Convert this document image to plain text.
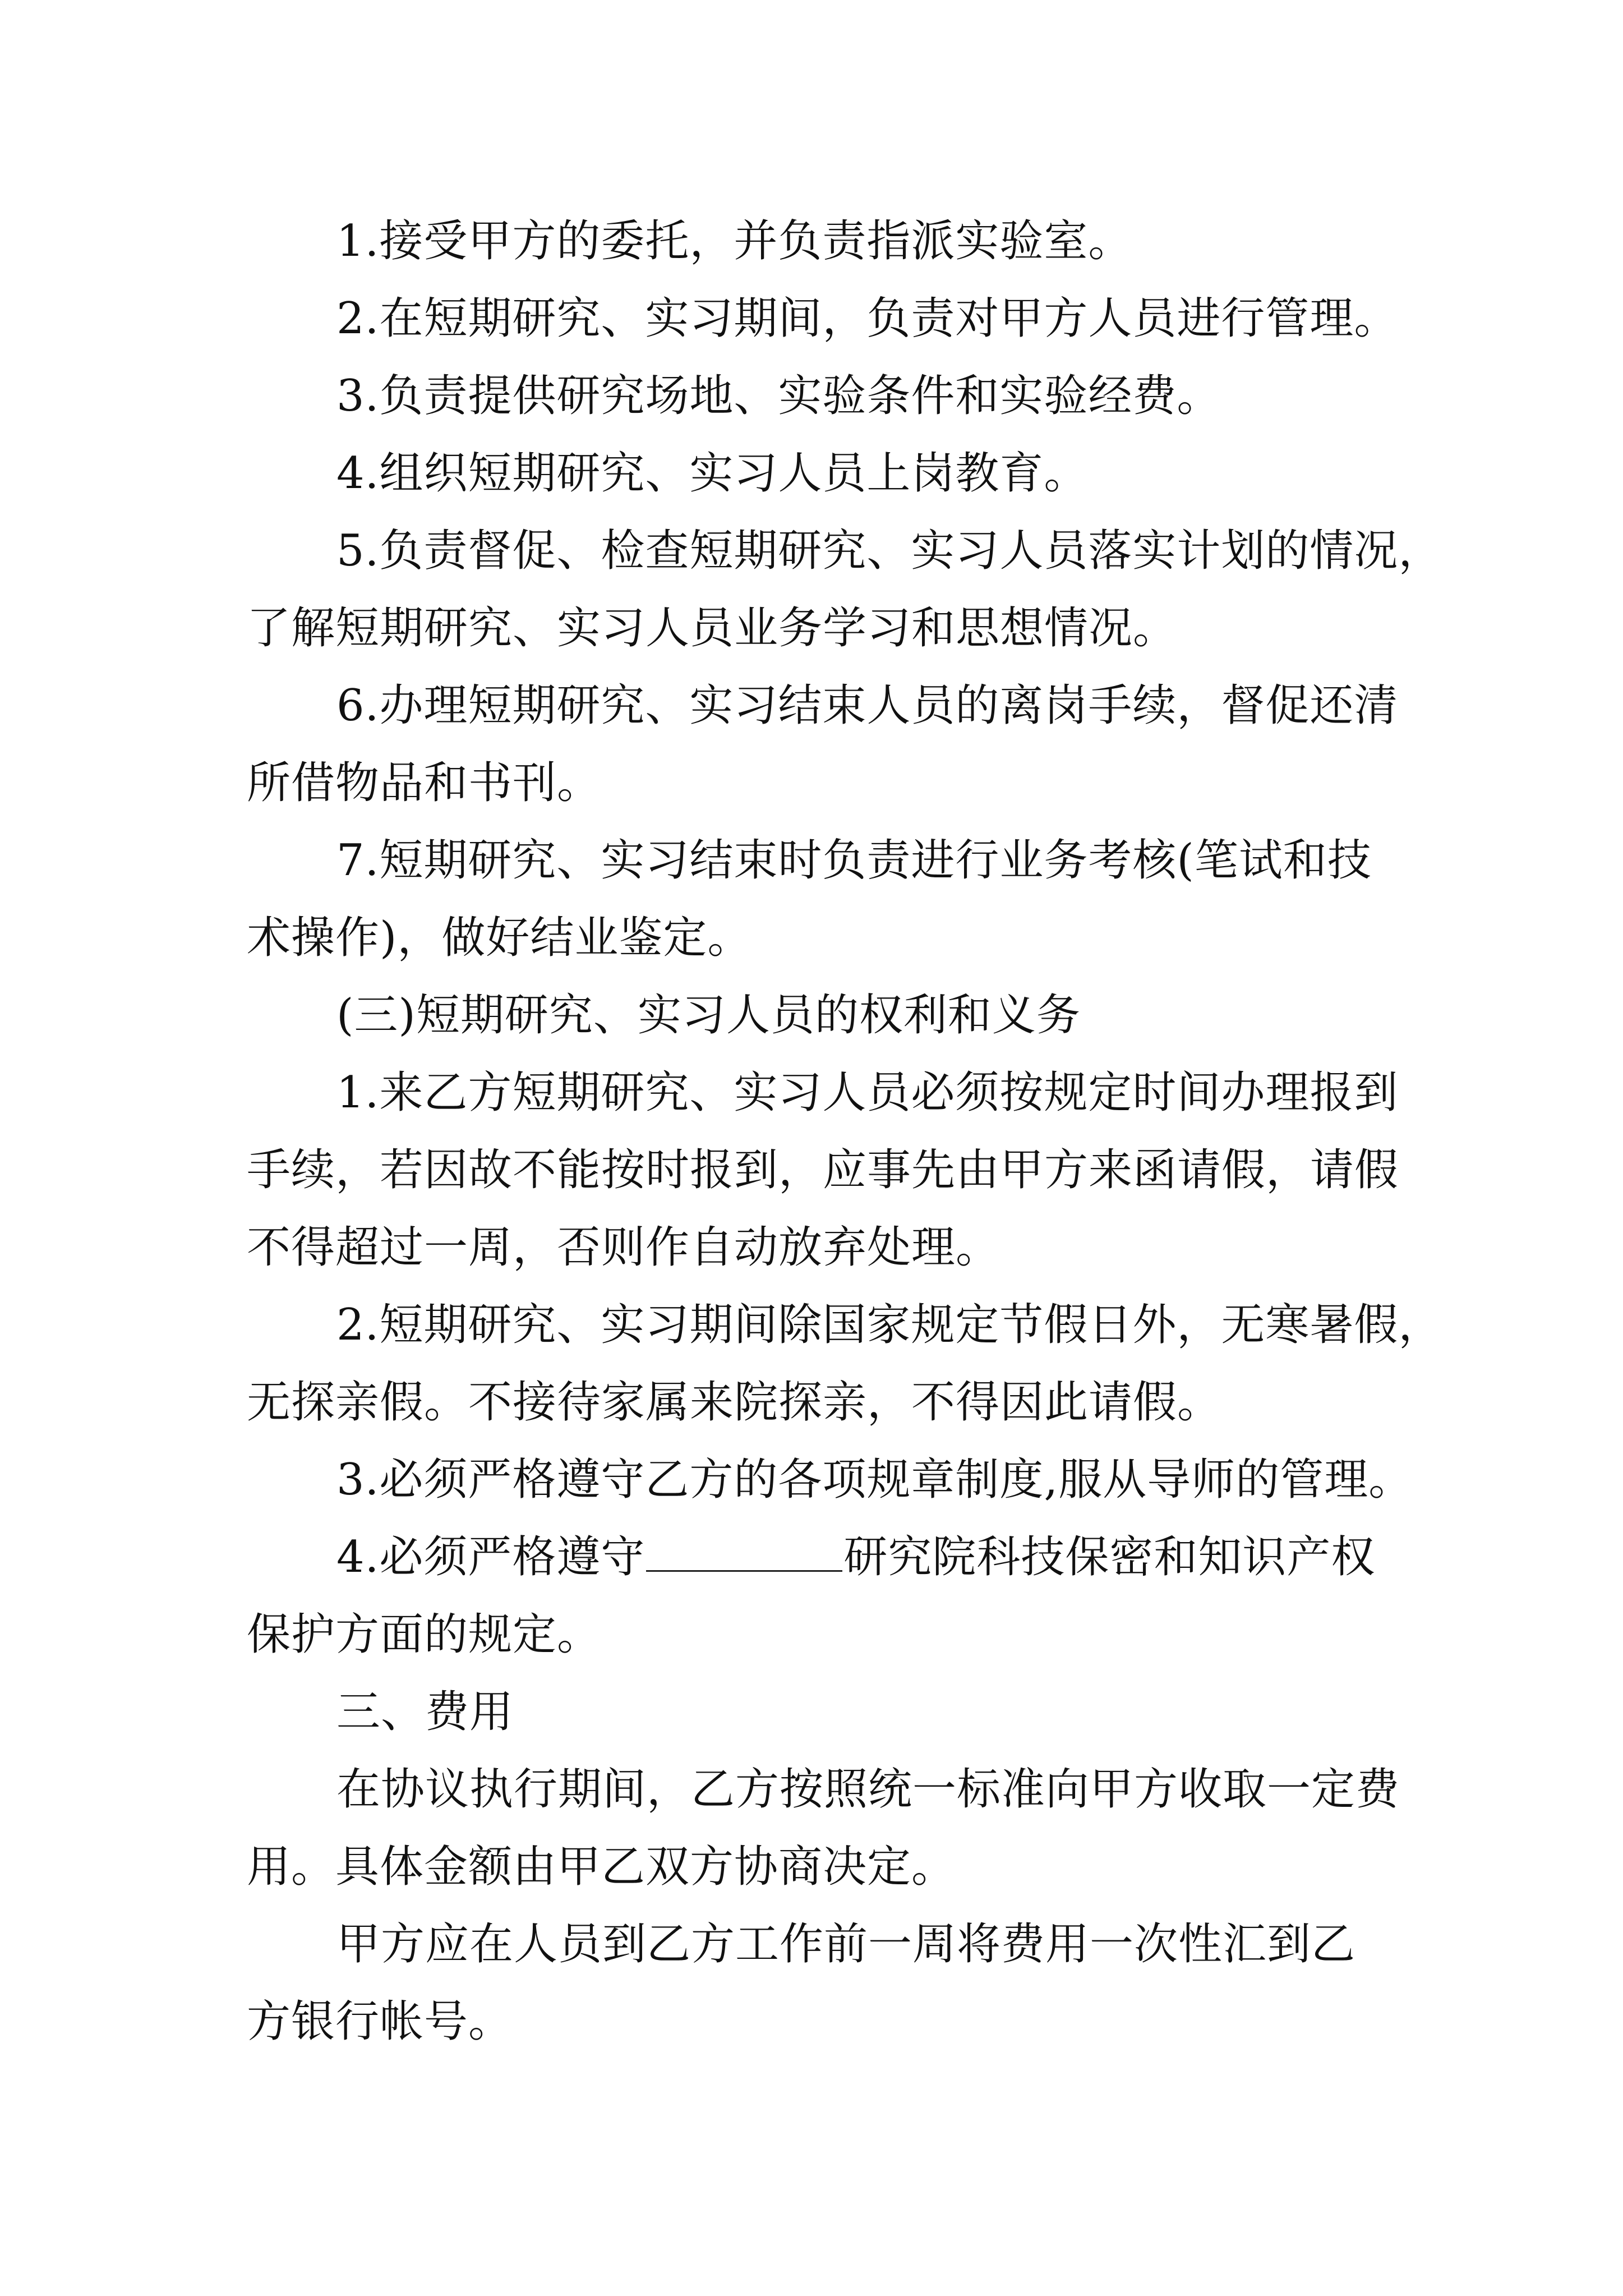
1.接受甲方的委托，并负责指派实验室。

2.在短期研究、实习期间，负责对甲方人员进行管理。

3.负责提供研究场地、实验条件和实验经费。

4.组织短期研究、实习人员上岗教育。

5.负责督促、检查短期研究、实习人员落实计划的情况，

了解短期研究、实习人员业务学习和思想情况。

6.办理短期研究、实习结束人员的离岗手续，督促还清

所借物品和书刊。

7.短期研究、实习结束时负责进行业务考核(笔试和技

术操作)，做好结业鉴定。

(三)短期研究、实习人员的权利和义务

1.来乙方短期研究、实习人员必须按规定时间办理报到

手续，若因故不能按时报到，应事先由甲方来函请假，请假

不得超过一周，否则作自动放弃处理。

2.短期研究、实习期间除国家规定节假日外，无寒暑假，

无探亲假。不接待家属来院探亲，不得因此请假。

3.必须严格遵守乙方的各项规章制度,服从导师的管理。

4.必须严格遵守	研究院科技保密和知识产权

保护方面的规定。

三、费用

在协议执行期间，乙方按照统一标准向甲方收取一定费

用。具体金额由甲乙双方协商决定。

甲方应在人员到乙方工作前一周将费用一次性汇到乙

方银行帐号。
